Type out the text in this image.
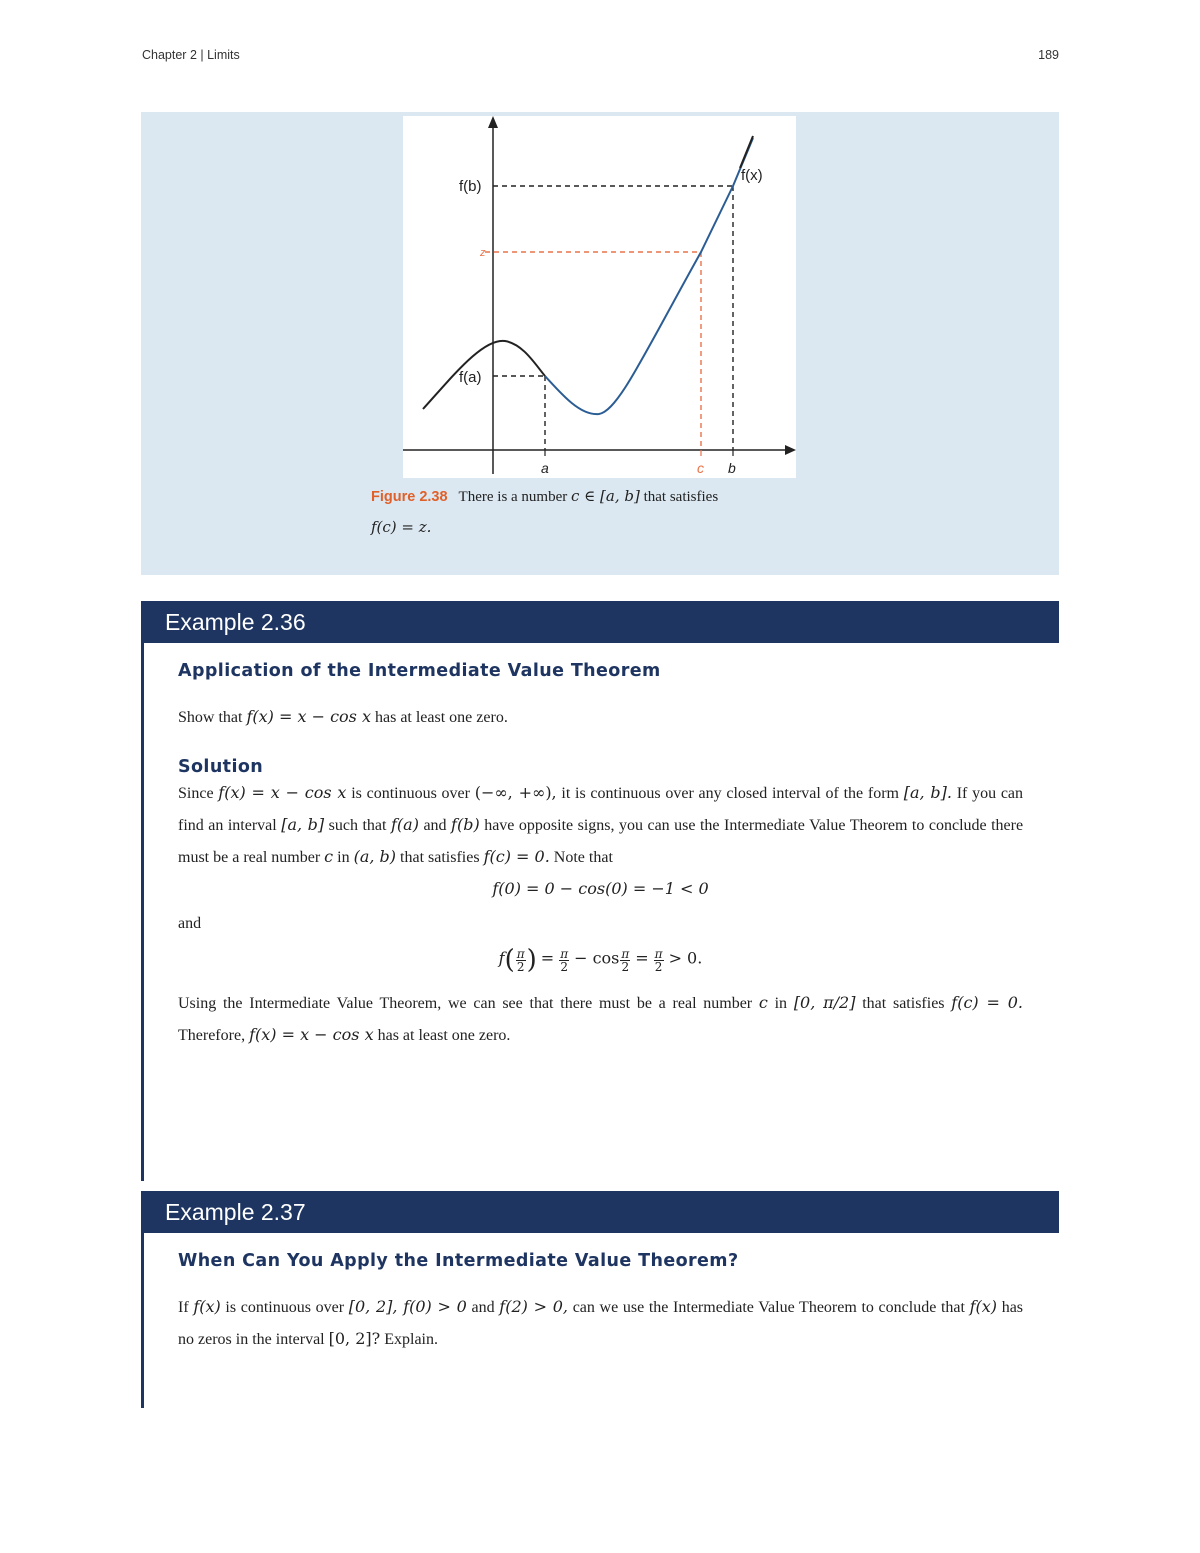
Chapter 2 | Limits	189
f(b)
z
f(a)
f(x)
a	c b
Figure 2.38 There is a number c ∈ [a, b] that satisfies
f(c) = z.
Example 2.36
Application of the Intermediate Value Theorem
Show that f(x) = x − cos x has at least one zero.
Solution
Since f(x) = x − cos x is continuous over (−∞, +∞), it is continuous over any closed interval of the form [a, b]. If you can find an interval [a, b] such that f(a) and f(b) have opposite signs, you can use the Intermediate Value Theorem to conclude there must be a real number c in (a, b) that satisfies f(c) = 0. Note that
f(0) = 0 − cos(0) = −1 < 0
and
$f( \frac{\pi}{2}$ ) = $\frac{\pi}{2} - \cos \frac{\pi}{2} = \frac{\pi}{2} > 0$.
Using the Intermediate Value Theorem, we can see that there must be a real number c in [0, π/2] that satisfies f(c) = 0. Therefore, f(x) = x − cos x has at least one zero.
Example 2.37
When Can You Apply the Intermediate Value Theorem?
If f(x) is continuous over [0, 2], f(0) > 0 and f(2) > 0, can we use the Intermediate Value Theorem to conclude that f(x) has no zeros in the interval [0, 2]? Explain.
